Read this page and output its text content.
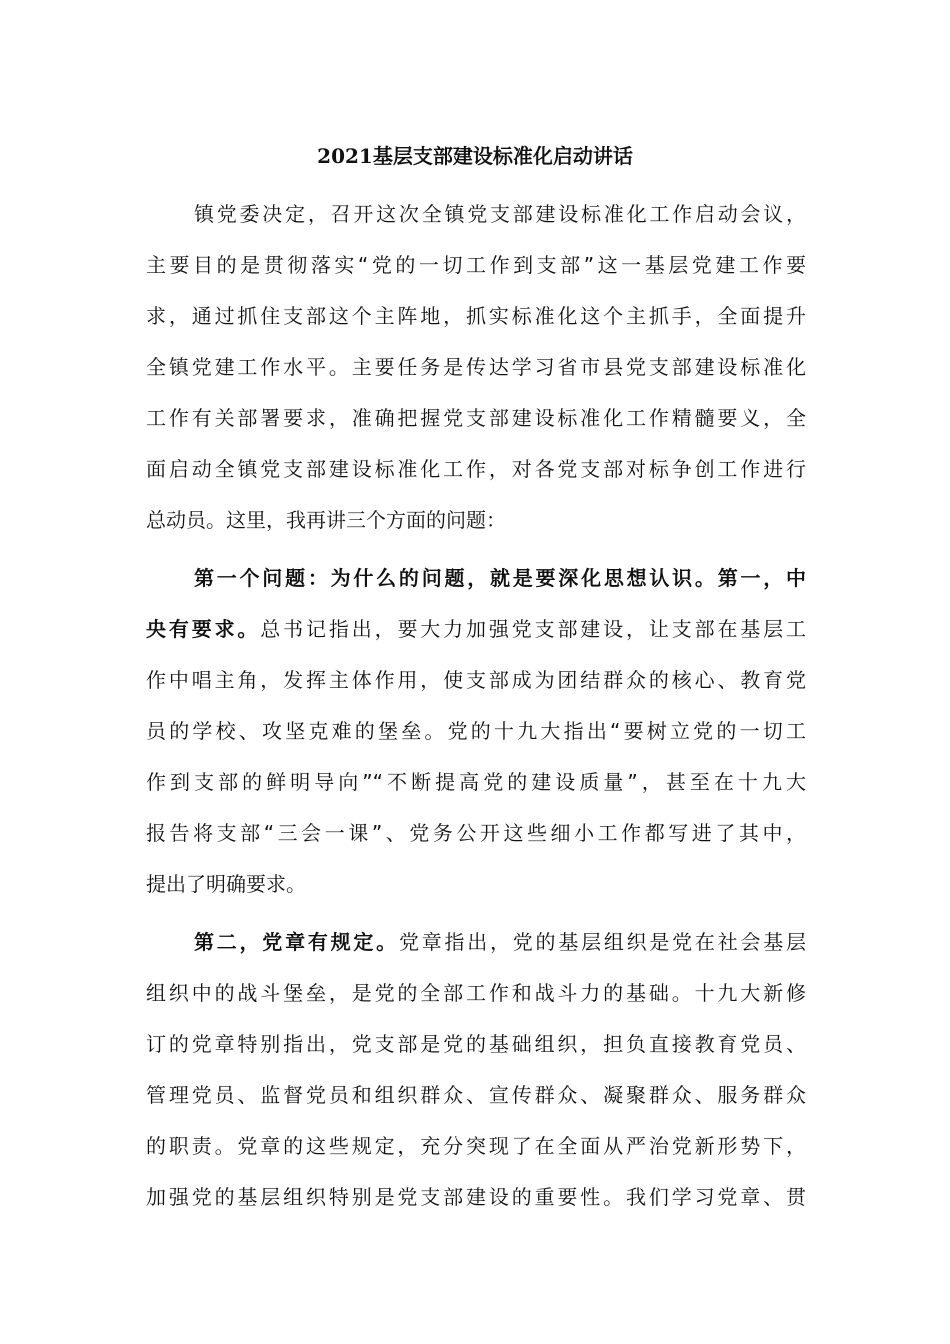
2021基层支部建设标准化启动讲话
镇党委决定，召开这次全镇党支部建设标准化工作启动会议，
主要目的是贯彻落实“党的一切工作到支部”这一基层党建工作要
求，通过抓住支部这个主阵地，抓实标准化这个主抓手，全面提升
全镇党建工作水平。主要任务是传达学习省市县党支部建设标准化
工作有关部署要求，准确把握党支部建设标准化工作精髓要义，全
面启动全镇党支部建设标准化工作，对各党支部对标争创工作进行
总动员。这里，我再讲三个方面的问题：
第一个问题：为什么的问题，就是要深化思想认识。第一，中
央有要求。总书记指出，要大力加强党支部建设，让支部在基层工
作中唱主角，发挥主体作用，使支部成为团结群众的核心、教育党
员的学校、攻坚克难的堡垒。党的十九大指出“要树立党的一切工
作到支部的鲜明导向”“不断提高党的建设质量”，甚至在十九大
报告将支部“三会一课”、党务公开这些细小工作都写进了其中，
提出了明确要求。
第二，党章有规定。党章指出，党的基层组织是党在社会基层
组织中的战斗堡垒，是党的全部工作和战斗力的基础。十九大新修
订的党章特别指出，党支部是党的基础组织，担负直接教育党员、
管理党员、监督党员和组织群众、宣传群众、凝聚群众、服务群众
的职责。党章的这些规定，充分突现了在全面从严治党新形势下，
加强党的基层组织特别是党支部建设的重要性。我们学习党章、贯
